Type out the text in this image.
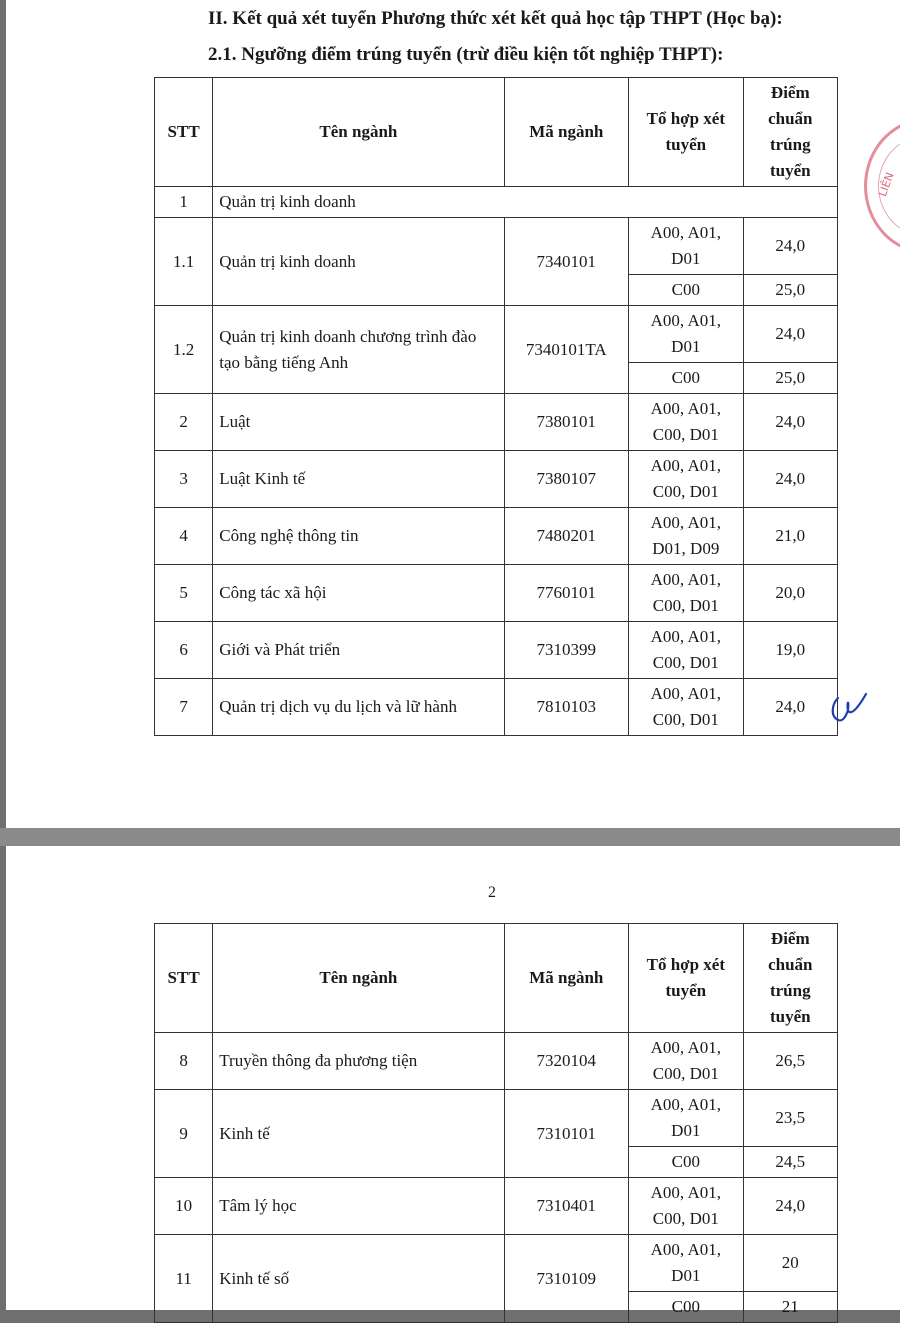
II. Kết quả xét tuyển Phương thức xét kết quả học tập THPT (Học bạ):
2.1. Ngưỡng điểm trúng tuyển (trừ điều kiện tốt nghiệp THPT):
STT	Tên ngành	Mã ngành	Tổ hợp xét tuyển	Điểm chuẩn trúng tuyển
1	Quản trị kinh doanh			
1.1	Quản trị kinh doanh	7340101	A00, A01, D01	24,0
			C00	25,0
1.2	Quản trị kinh doanh chương trình đào tạo bằng tiếng Anh	7340101TA	A00, A01, D01	24,0
			C00	25,0
2	Luật	7380101	A00, A01, C00, D01	24,0
3	Luật Kinh tế	7380107	A00, A01, C00, D01	24,0
4	Công nghệ thông tin	7480201	A00, A01, D01, D09	21,0
5	Công tác xã hội	7760101	A00, A01, C00, D01	20,0
6	Giới và Phát triển	7310399	A00, A01, C00, D01	19,0
7	Quản trị dịch vụ du lịch và lữ hành	7810103	A00, A01, C00, D01	24,0
LIÊN
2
STT	Tên ngành	Mã ngành	Tổ hợp xét tuyển	Điểm chuẩn trúng tuyển
8	Truyền thông đa phương tiện	7320104	A00, A01, C00, D01	26,5
9	Kinh tế	7310101	A00, A01, D01	23,5
			C00	24,5
10	Tâm lý học	7310401	A00, A01, C00, D01	24,0
11	Kinh tế số	7310109	A00, A01, D01	20
			C00	21
